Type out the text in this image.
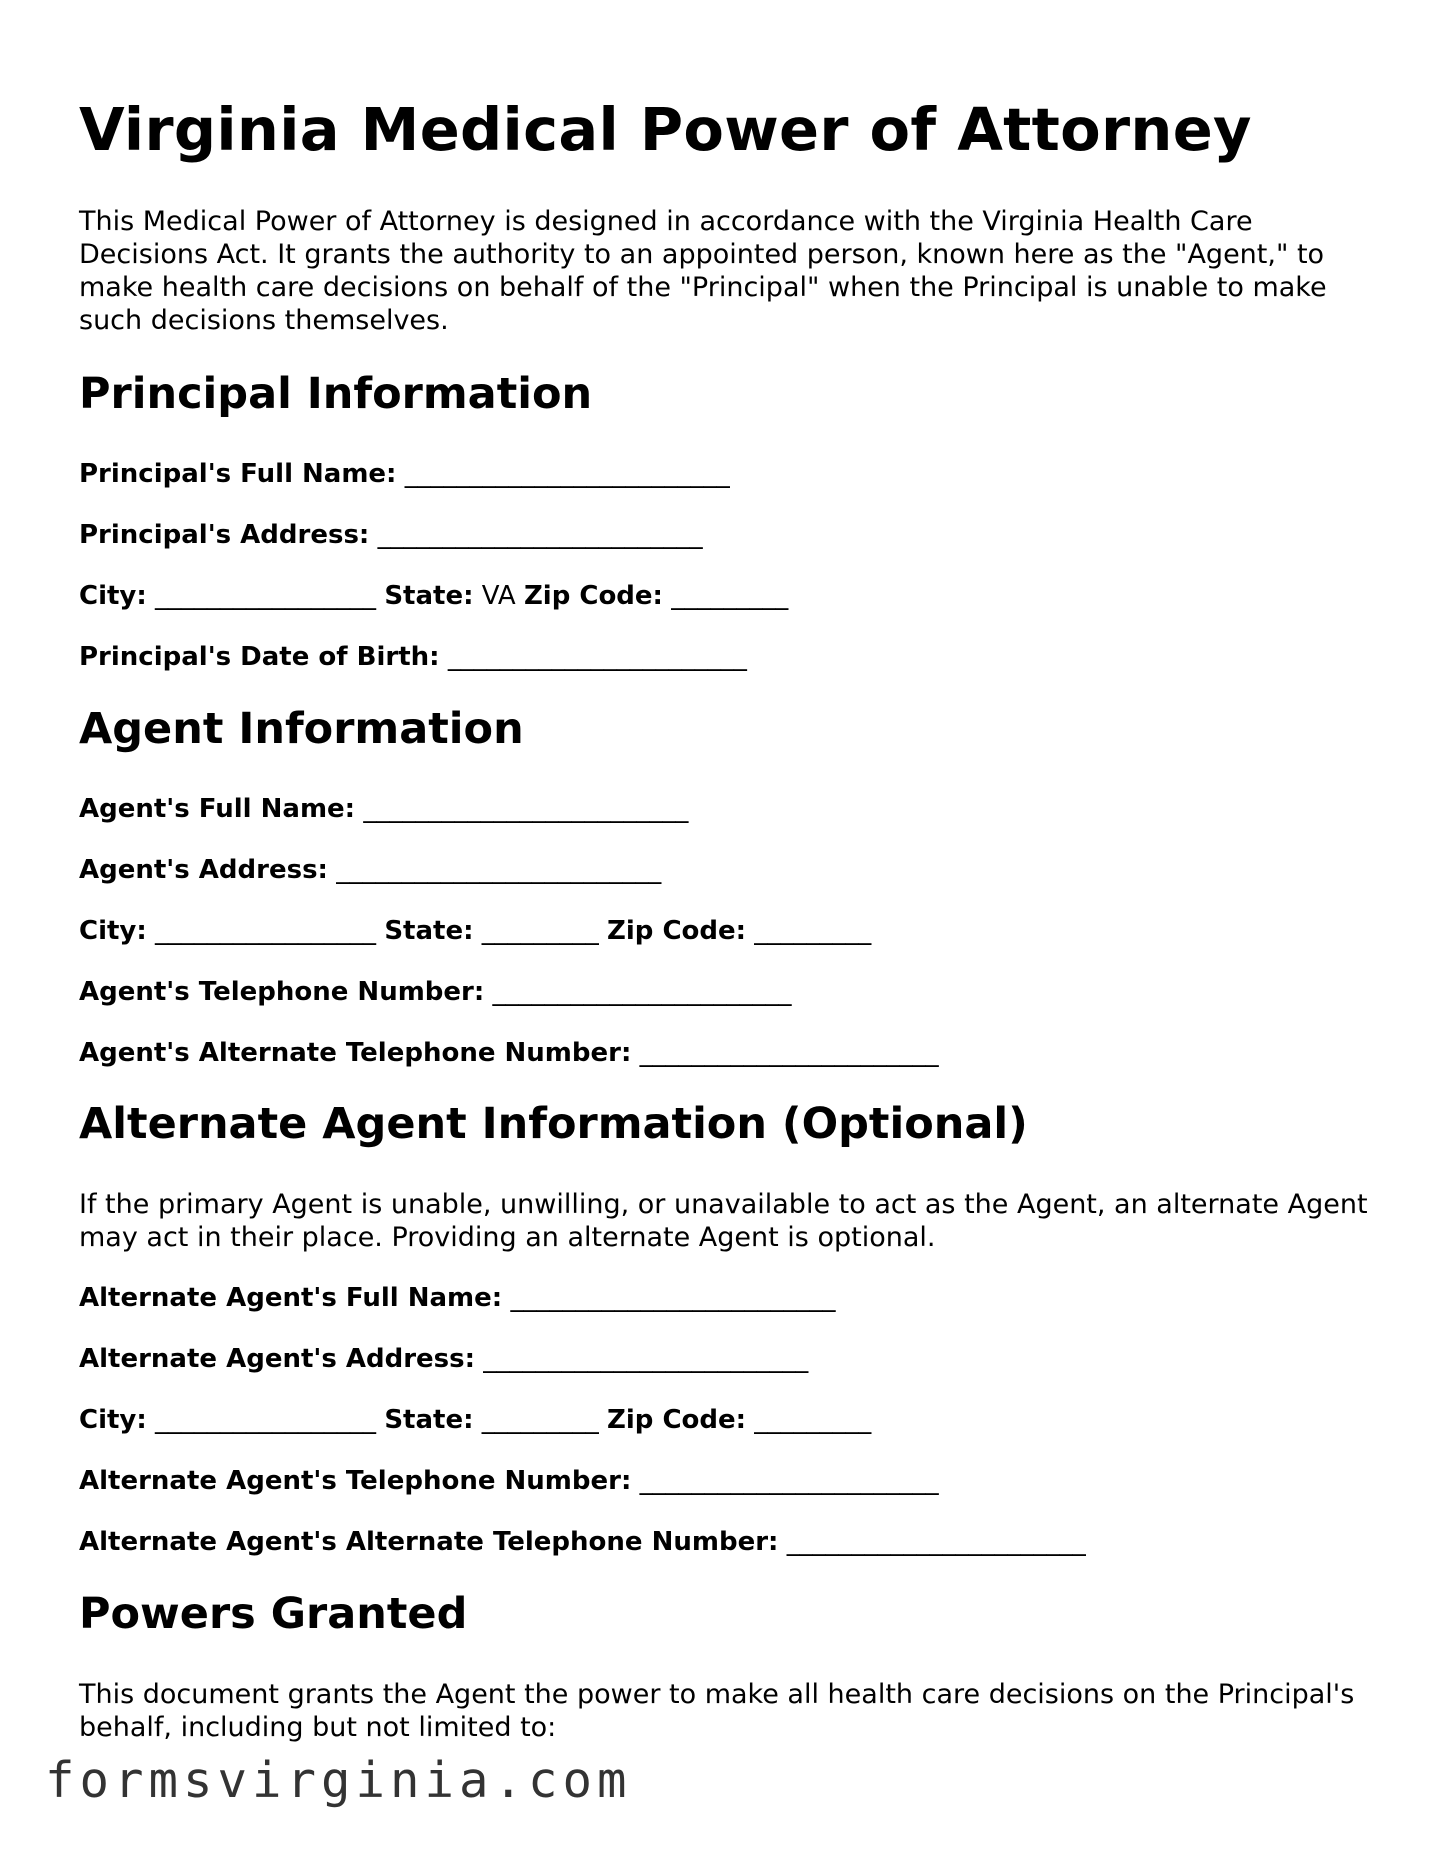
Virginia Medical Power of Attorney

This Medical Power of Attorney is designed in accordance with the Virginia Health Care Decisions Act. It grants the authority to an appointed person, known here as the "Agent," to make health care decisions on behalf of the "Principal" when the Principal is unable to make such decisions themselves.

Principal Information
Principal's Full Name: _________________________
Principal's Address: _________________________
City: _________________ State: VA Zip Code: _________
Principal's Date of Birth: _______________________
Agent Information
Agent's Full Name: _________________________
Agent's Address: _________________________
City: _________________ State: _________ Zip Code: _________
Agent's Telephone Number: _______________________
Agent's Alternate Telephone Number: _______________________
Alternate Agent Information (Optional)

If the primary Agent is unable, unwilling, or unavailable to act as the Agent, an alternate Agent may act in their place. Providing an alternate Agent is optional.

Alternate Agent's Full Name: _________________________
Alternate Agent's Address: _________________________
City: _________________ State: _________ Zip Code: _________
Alternate Agent's Telephone Number: _______________________
Alternate Agent's Alternate Telephone Number: _______________________
Powers Granted

This document grants the Agent the power to make all health care decisions on the Principal's behalf, including but not limited to:

formsvirginia.com
